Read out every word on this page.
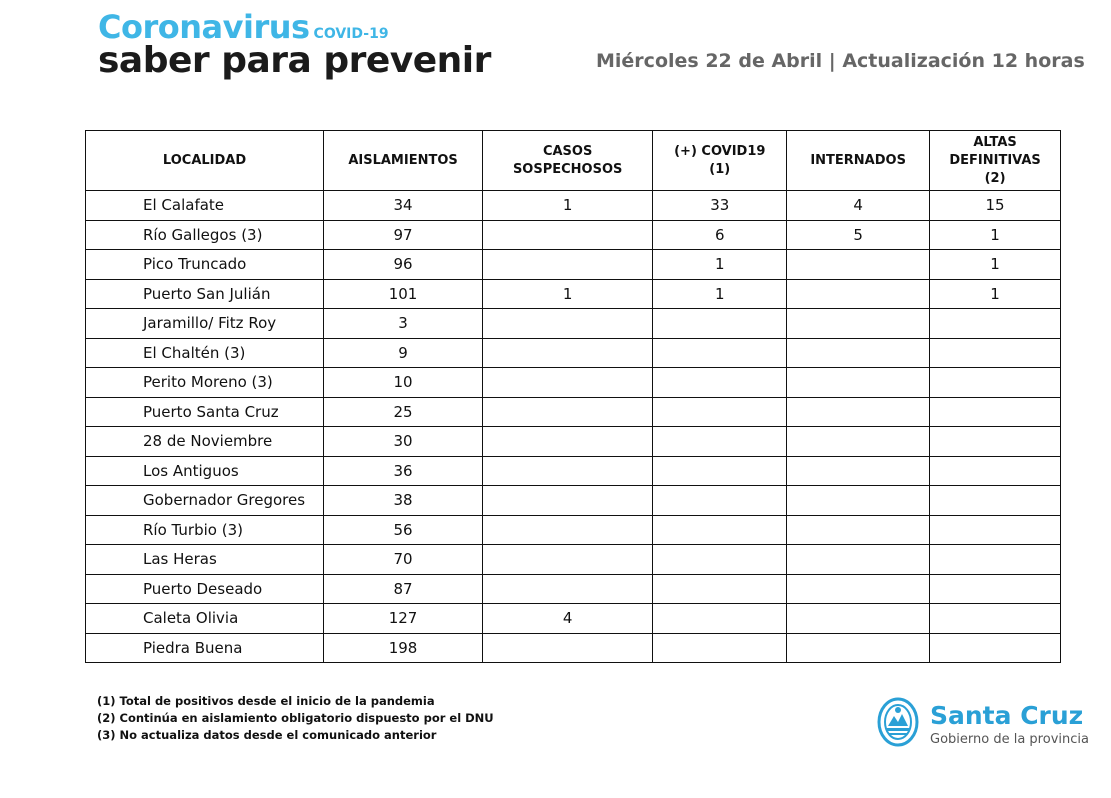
Coronavirus COVID-19
saber para prevenir	Miércoles 22 de Abril | Actualización 12 horas
LOCALIDAD	AISLAMIENTOS	CASOS SOSPECHOSOS	(+) COVID19 (1)	INTERNADOS	ALTAS DEFINITIVAS (2)
El Calafate	34	1	33	4	15
Río Gallegos (3)	97		6	5	1
Pico Truncado	96		1		1
Puerto San Julián	101	1	1		1
Jaramillo/ Fitz Roy	3				
El Chaltén (3)	9				
Perito Moreno (3)	10				
Puerto Santa Cruz	25				
28 de Noviembre	30				
Los Antiguos	36				
Gobernador Gregores	38				
Río Turbio (3)	56				
Las Heras	70				
Puerto Deseado	87				
Caleta Olivia	127	4			
Piedra Buena	198				
(1) Total de positivos desde el inicio de la pandemia
(2) Continúa en aislamiento obligatorio dispuesto por el DNU
(3) No actualiza datos desde el comunicado anterior
Santa Cruz
Gobierno de la provincia
